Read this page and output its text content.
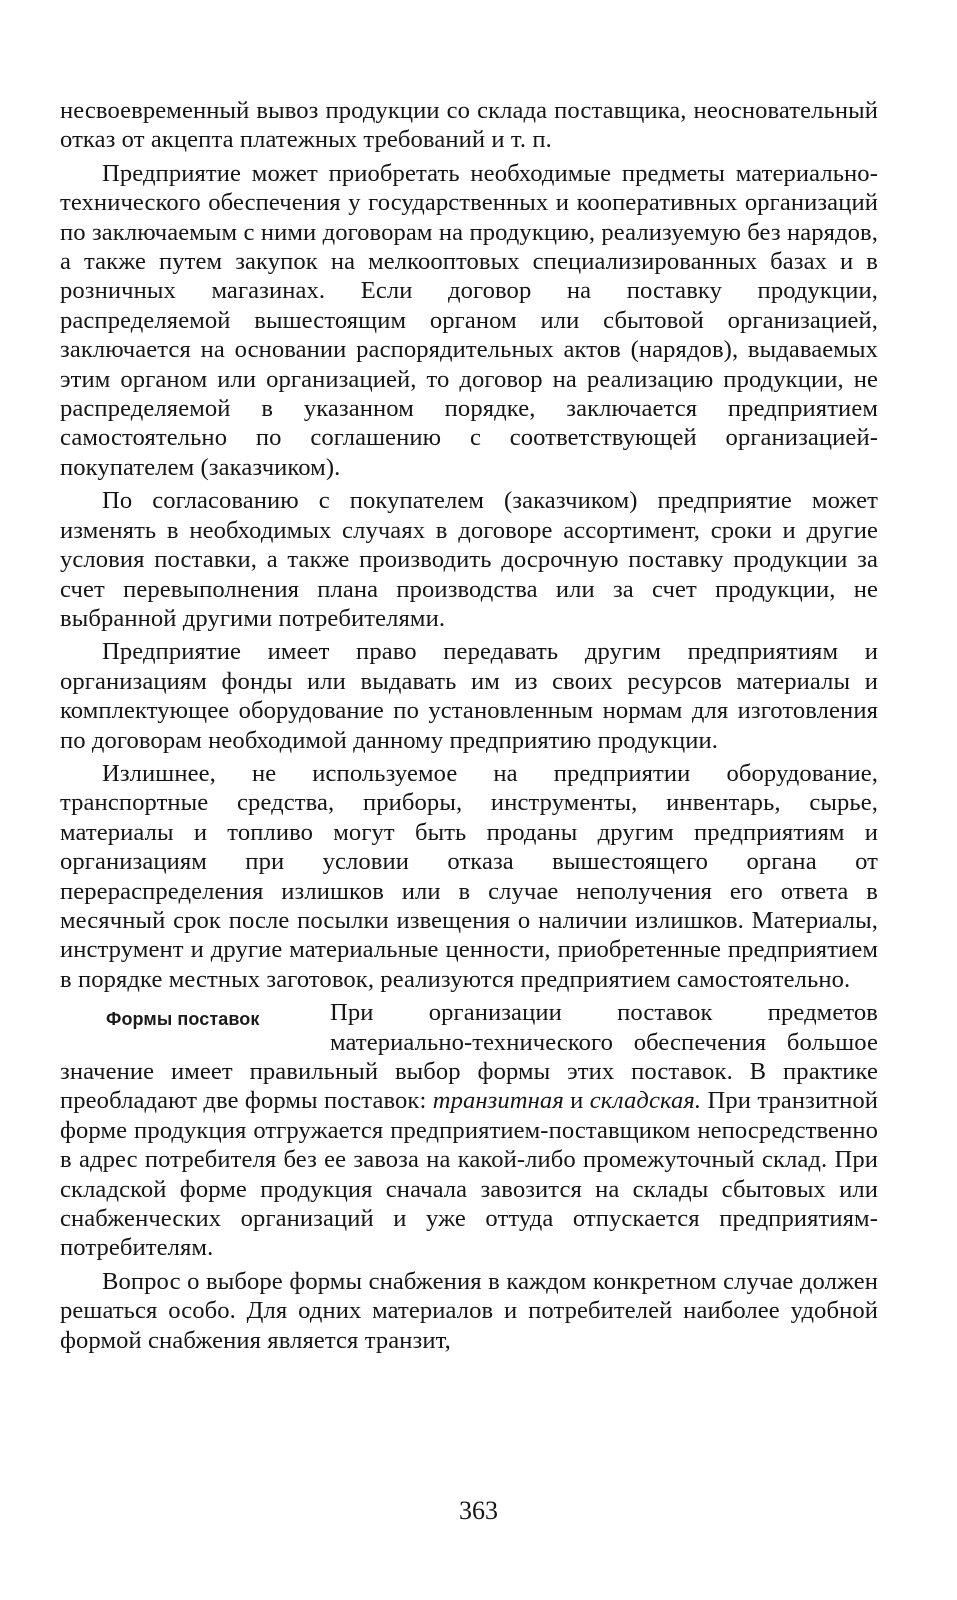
несвоевременный вывоз продукции со склада поставщика, неосновательный отказ от акцепта платежных требований и т. п.

Предприятие может приобретать необходимые предметы материально-технического обеспечения у государственных и кооперативных организаций по заключаемым с ними договорам на продукцию, реализуемую без нарядов, а также путем закупок на мелкооптовых специализированных базах и в розничных магазинах. Если договор на поставку продукции, распределяемой вышестоящим органом или сбытовой организацией, заключается на основании распорядительных актов (нарядов), выдаваемых этим органом или организацией, то договор на реализацию продукции, не распределяемой в указанном порядке, заключается предприятием самостоятельно по соглашению с соответствующей организацией-покупателем (заказчиком).

По согласованию с покупателем (заказчиком) предприятие может изменять в необходимых случаях в договоре ассортимент, сроки и другие условия поставки, а также производить досрочную поставку продукции за счет перевыполнения плана производства или за счет продукции, не выбранной другими потребителями.

Предприятие имеет право передавать другим предприятиям и организациям фонды или выдавать им из своих ресурсов материалы и комплектующее оборудование по установленным нормам для изготовления по договорам необходимой данному предприятию продукции.

Излишнее, не используемое на предприятии оборудование, транспортные средства, приборы, инструменты, инвентарь, сырье, материалы и топливо могут быть проданы другим предприятиям и организациям при условии отказа вышестоящего органа от перераспределения излишков или в случае неполучения его ответа в месячный срок после посылки извещения о наличии излишков. Материалы, инструмент и другие материальные ценности, приобретенные предприятием в порядке местных заготовок, реализуются предприятием самостоятельно.

Формы поставок	При организации поставок предметов материально-технического обеспечения большое значение имеет правильный выбор формы этих поставок. В практике преобладают две формы поставок: транзитная и складская. При транзитной форме продукция отгружается предприятием-поставщиком непосредственно в адрес потребителя без ее завоза на какой-либо промежуточный склад. При складской форме продукция сначала завозится на склады сбытовых или снабженческих организаций и уже оттуда отпускается предприятиям-потребителям.

Вопрос о выборе формы снабжения в каждом конкретном случае должен решаться особо. Для одних материалов и потребителей наиболее удобной формой снабжения является транзит,

363
